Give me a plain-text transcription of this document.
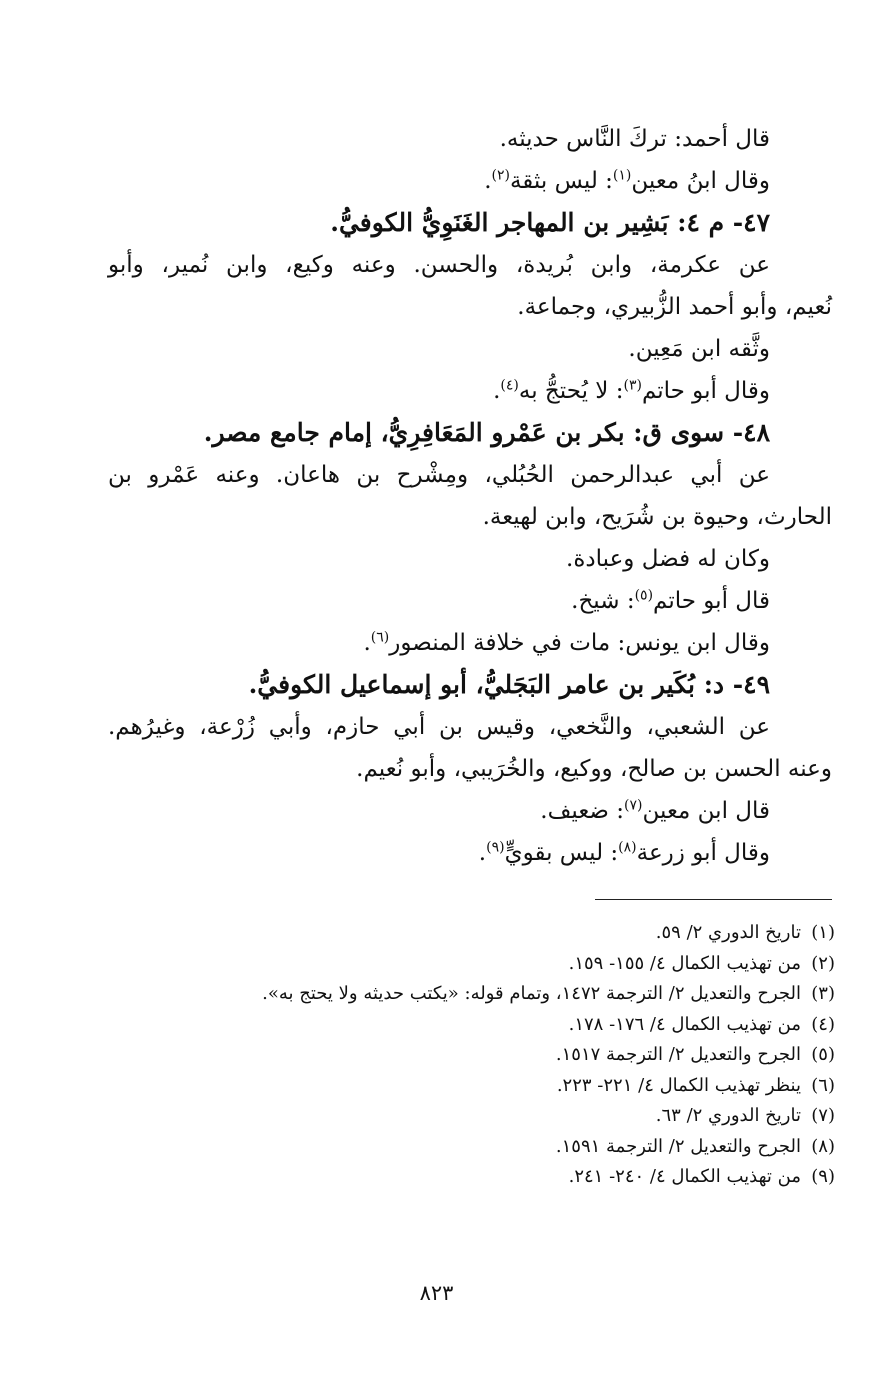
قال أحمد: تركَ النَّاس حديثه.
وقال ابنُ معين$^{(١)}$: ليس بثقة$^{(٢)}$.
٤٧- م ٤: بَشِير بن المهاجر الغَنَوِيُّ الكوفيُّ.
عن عكرمة، وابن بُريدة، والحسن. وعنه وكيع، وابن نُمير، وأبو
نُعيم، وأبو أحمد الزُّبيري، وجماعة.
وثَّقه ابن مَعِين.
وقال أبو حاتم$^{(٣)}$: لا يُحتجُّ به$^{(٤)}$.
٤٨- سوى ق: بكر بن عَمْرو المَعَافِرِيُّ، إمام جامع مصر.
عن أبي عبدالرحمن الحُبُلي، ومِشْرح بن هاعان. وعنه عَمْرو بن
الحارث، وحيوة بن شُرَيح، وابن لهيعة.
وكان له فضل وعبادة.
قال أبو حاتم$^{(٥)}$: شيخ.
وقال ابن يونس: مات في خلافة المنصور$^{(٦)}$.
٤٩- د: بُكَير بن عامر البَجَليُّ، أبو إسماعيل الكوفيُّ.
عن الشعبي، والنَّخعي، وقيس بن أبي حازم، وأبي زُرْعة، وغيرُهم.
وعنه الحسن بن صالح، ووكيع، والخُرَيبي، وأبو نُعيم.
قال ابن معين$^{(٧)}$: ضعيف.
وقال أبو زرعة$^{(٨)}$: ليس بقويٍّ$^{(٩)}$.
(١)تاريخ الدوري ٢/ ٥٩.
(٢)من تهذيب الكمال ٤/ ١٥٥- ١٥٩.
(٣)الجرح والتعديل ٢/ الترجمة ١٤٧٢، وتمام قوله: «يكتب حديثه ولا يحتج به».
(٤)من تهذيب الكمال ٤/ ١٧٦- ١٧٨.
(٥)الجرح والتعديل ٢/ الترجمة ١٥١٧.
(٦)ينظر تهذيب الكمال ٤/ ٢٢١- ٢٢٣.
(٧)تاريخ الدوري ٢/ ٦٣.
(٨)الجرح والتعديل ٢/ الترجمة ١٥٩١.
(٩)من تهذيب الكمال ٤/ ٢٤٠- ٢٤١.
٨٢٣
